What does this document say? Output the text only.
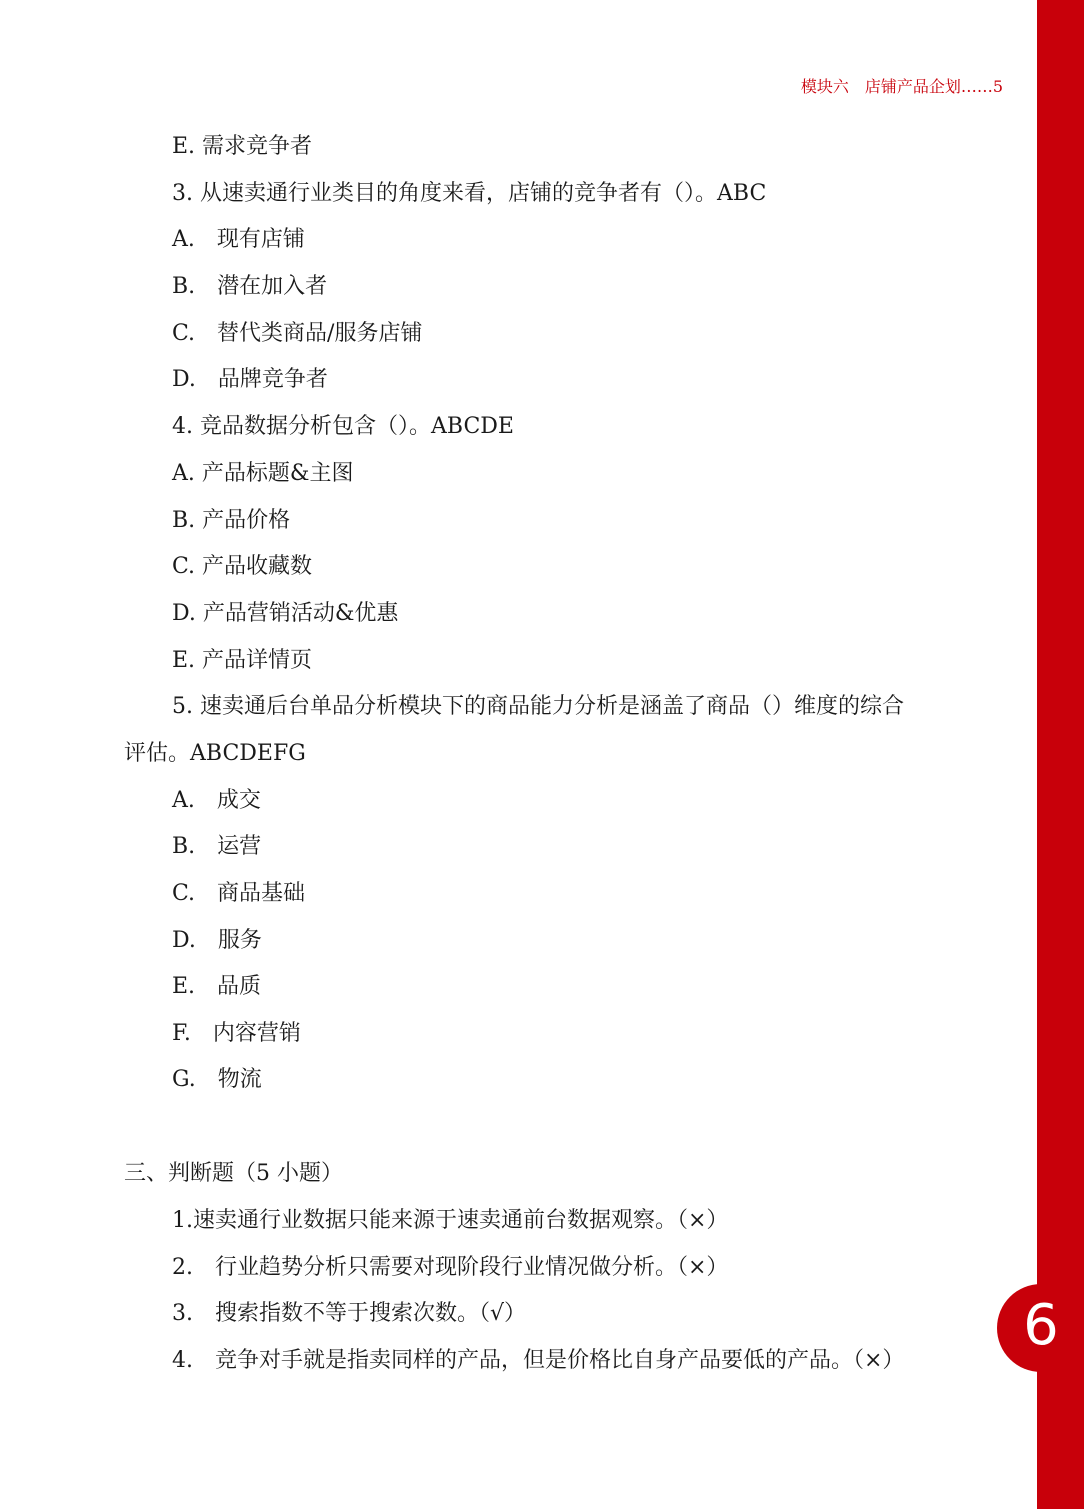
6
模块六　店铺产品企划……5
E. 需求竞争者
3. 从速卖通行业类目的角度来看，店铺的竞争者有（）。ABC
A.　现有店铺
B.　潜在加入者
C.　替代类商品/服务店铺
D.　品牌竞争者
4. 竞品数据分析包含（）。ABCDE
A. 产品标题&主图
B. 产品价格
C. 产品收藏数
D. 产品营销活动&优惠
E. 产品详情页
5. 速卖通后台单品分析模块下的商品能力分析是涵盖了商品（）维度的综合
评估。ABCDEFG
A.　成交
B.　运营
C.　商品基础
D.　服务
E.　品质
F.　内容营销
G.　物流
三、判断题（5 小题）
1.速卖通行业数据只能来源于速卖通前台数据观察。（×）
2.　行业趋势分析只需要对现阶段行业情况做分析。（×）
3.　搜索指数不等于搜索次数。（√）
4.　竞争对手就是指卖同样的产品，但是价格比自身产品要低的产品。（×）
